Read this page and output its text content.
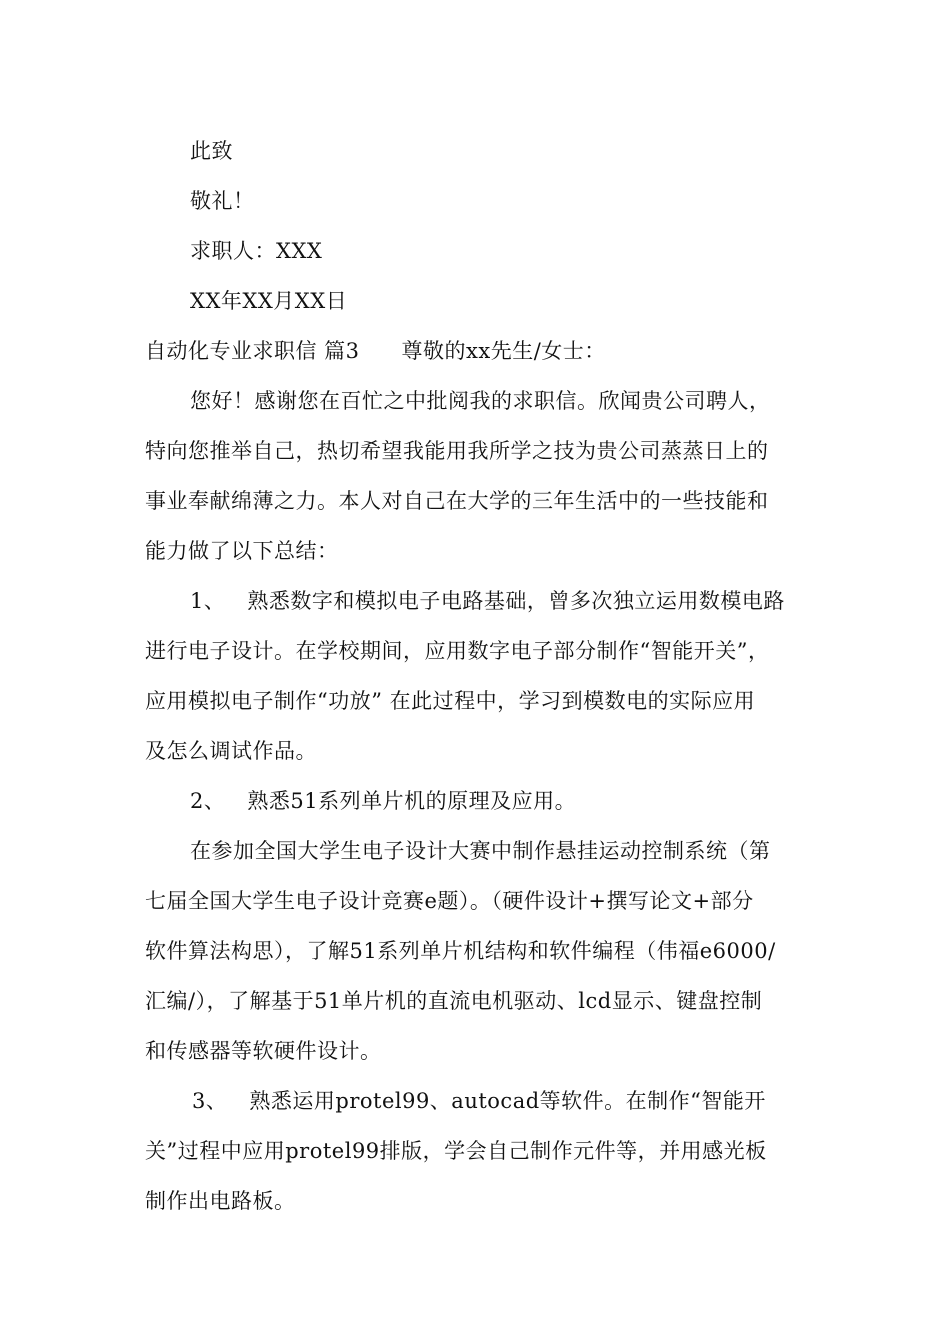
此致
敬礼！
求职人：XXX
XX年XX月XX日
自动化专业求职信 篇3 尊敬的xx先生/女士：
您好！感谢您在百忙之中批阅我的求职信。欣闻贵公司聘人，
特向您推举自己，热切希望我能用我所学之技为贵公司蒸蒸日上的
事业奉献绵薄之力。本人对自己在大学的三年生活中的一些技能和
能力做了以下总结：
1、 熟悉数字和模拟电子电路基础，曾多次独立运用数模电路
进行电子设计。在学校期间，应用数字电子部分制作“智能开关”，
应用模拟电子制作“功放” 在此过程中，学习到模数电的实际应用
及怎么调试作品。
2、 熟悉51系列单片机的原理及应用。
在参加全国大学生电子设计大赛中制作悬挂运动控制系统（第
七届全国大学生电子设计竞赛e题）。（硬件设计+撰写论文+部分
软件算法构思），了解51系列单片机结构和软件编程（伟福e6000/
汇编/），了解基于51单片机的直流电机驱动、lcd显示、键盘控制
和传感器等软硬件设计。
3、 熟悉运用protel99、autocad等软件。在制作“智能开
关”过程中应用protel99排版，学会自己制作元件等，并用感光板
制作出电路板。
